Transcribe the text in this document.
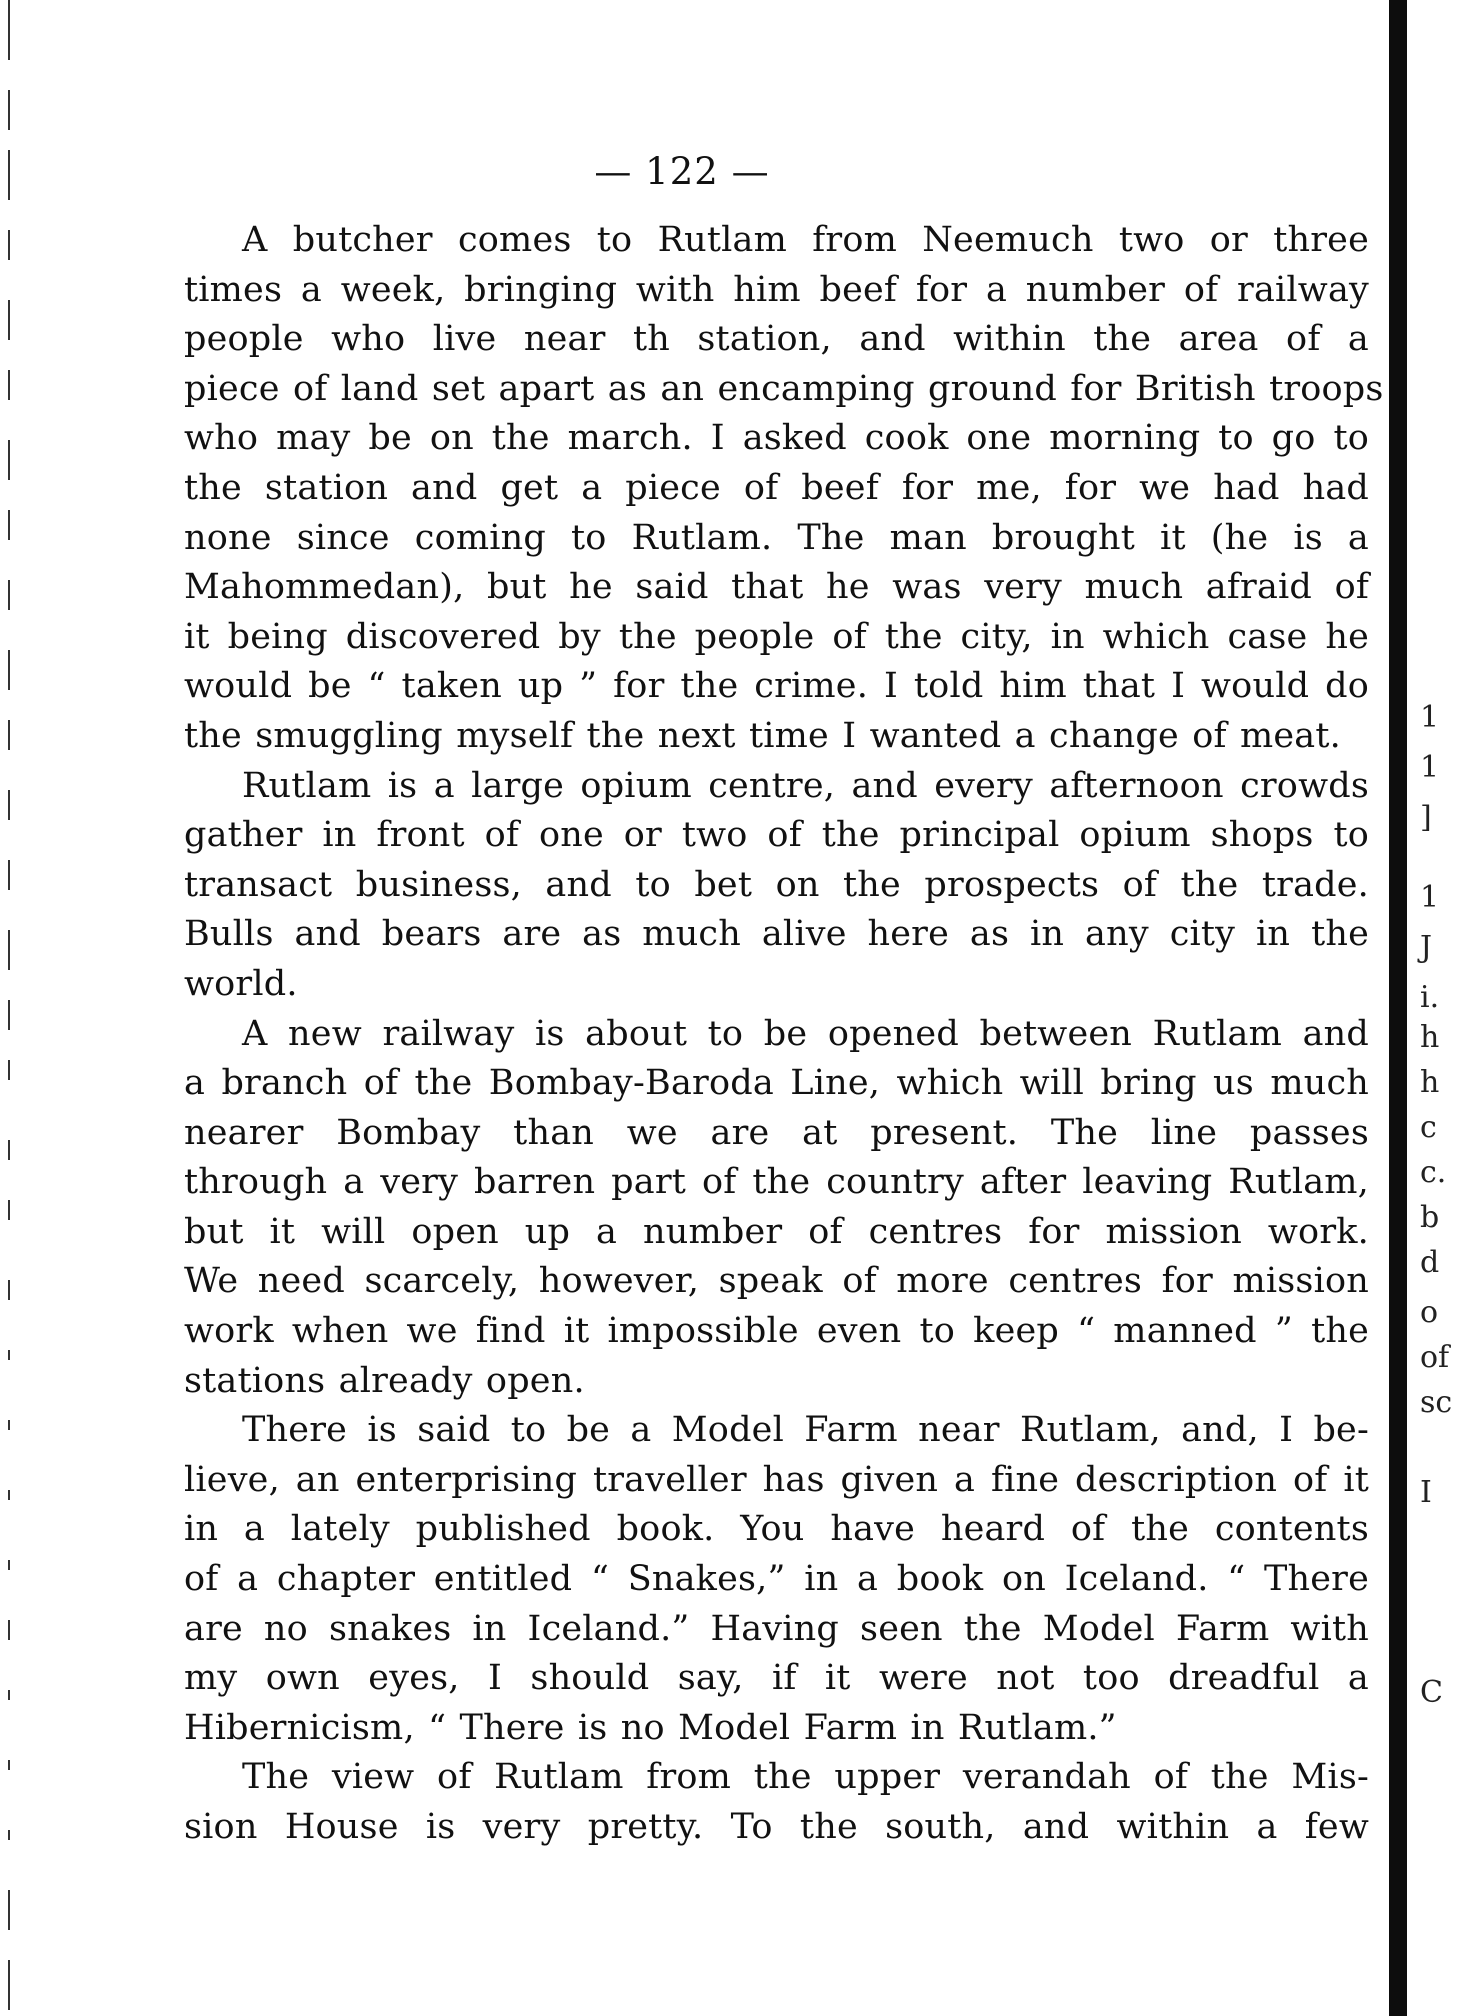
— 122 —
A butcher comes to Rutlam from Neemuch two or three
times a week, bringing with him beef for a number of railway
people who live near th station, and within the area of a
piece of land set apart as an encamping ground for British troops
who may be on the march. I asked cook one morning to go to
the station and get a piece of beef for me, for we had had
none since coming to Rutlam. The man brought it (he is a
Mahommedan), but he said that he was very much afraid of
it being discovered by the people of the city, in which case he
would be “ taken up ” for the crime. I told him that I would do
the smuggling myself the next time I wanted a change of meat.
Rutlam is a large opium centre, and every afternoon crowds
gather in front of one or two of the principal opium shops to
transact business, and to bet on the prospects of the trade.
Bulls and bears are as much alive here as in any city in the
world.
A new railway is about to be opened between Rutlam and
a branch of the Bombay-Baroda Line, which will bring us much
nearer Bombay than we are at present. The line passes
through a very barren part of the country after leaving Rutlam,
but it will open up a number of centres for mission work.
We need scarcely, however, speak of more centres for mission
work when we find it impossible even to keep “ manned ” the
stations already open.
There is said to be a Model Farm near Rutlam, and, I be-
lieve, an enterprising traveller has given a fine description of it
in a lately published book. You have heard of the contents
of a chapter entitled “ Snakes,” in a book on Iceland. “ There
are no snakes in Iceland.” Having seen the Model Farm with
my own eyes, I should say, if it were not too dreadful a
Hibernicism, “ There is no Model Farm in Rutlam.”
The view of Rutlam from the upper verandah of the Mis-
sion House is very pretty. To the south, and within a few
1
1
]
1
J
i.
h
h
c
c.
b
d
o
of
sc
I
C
